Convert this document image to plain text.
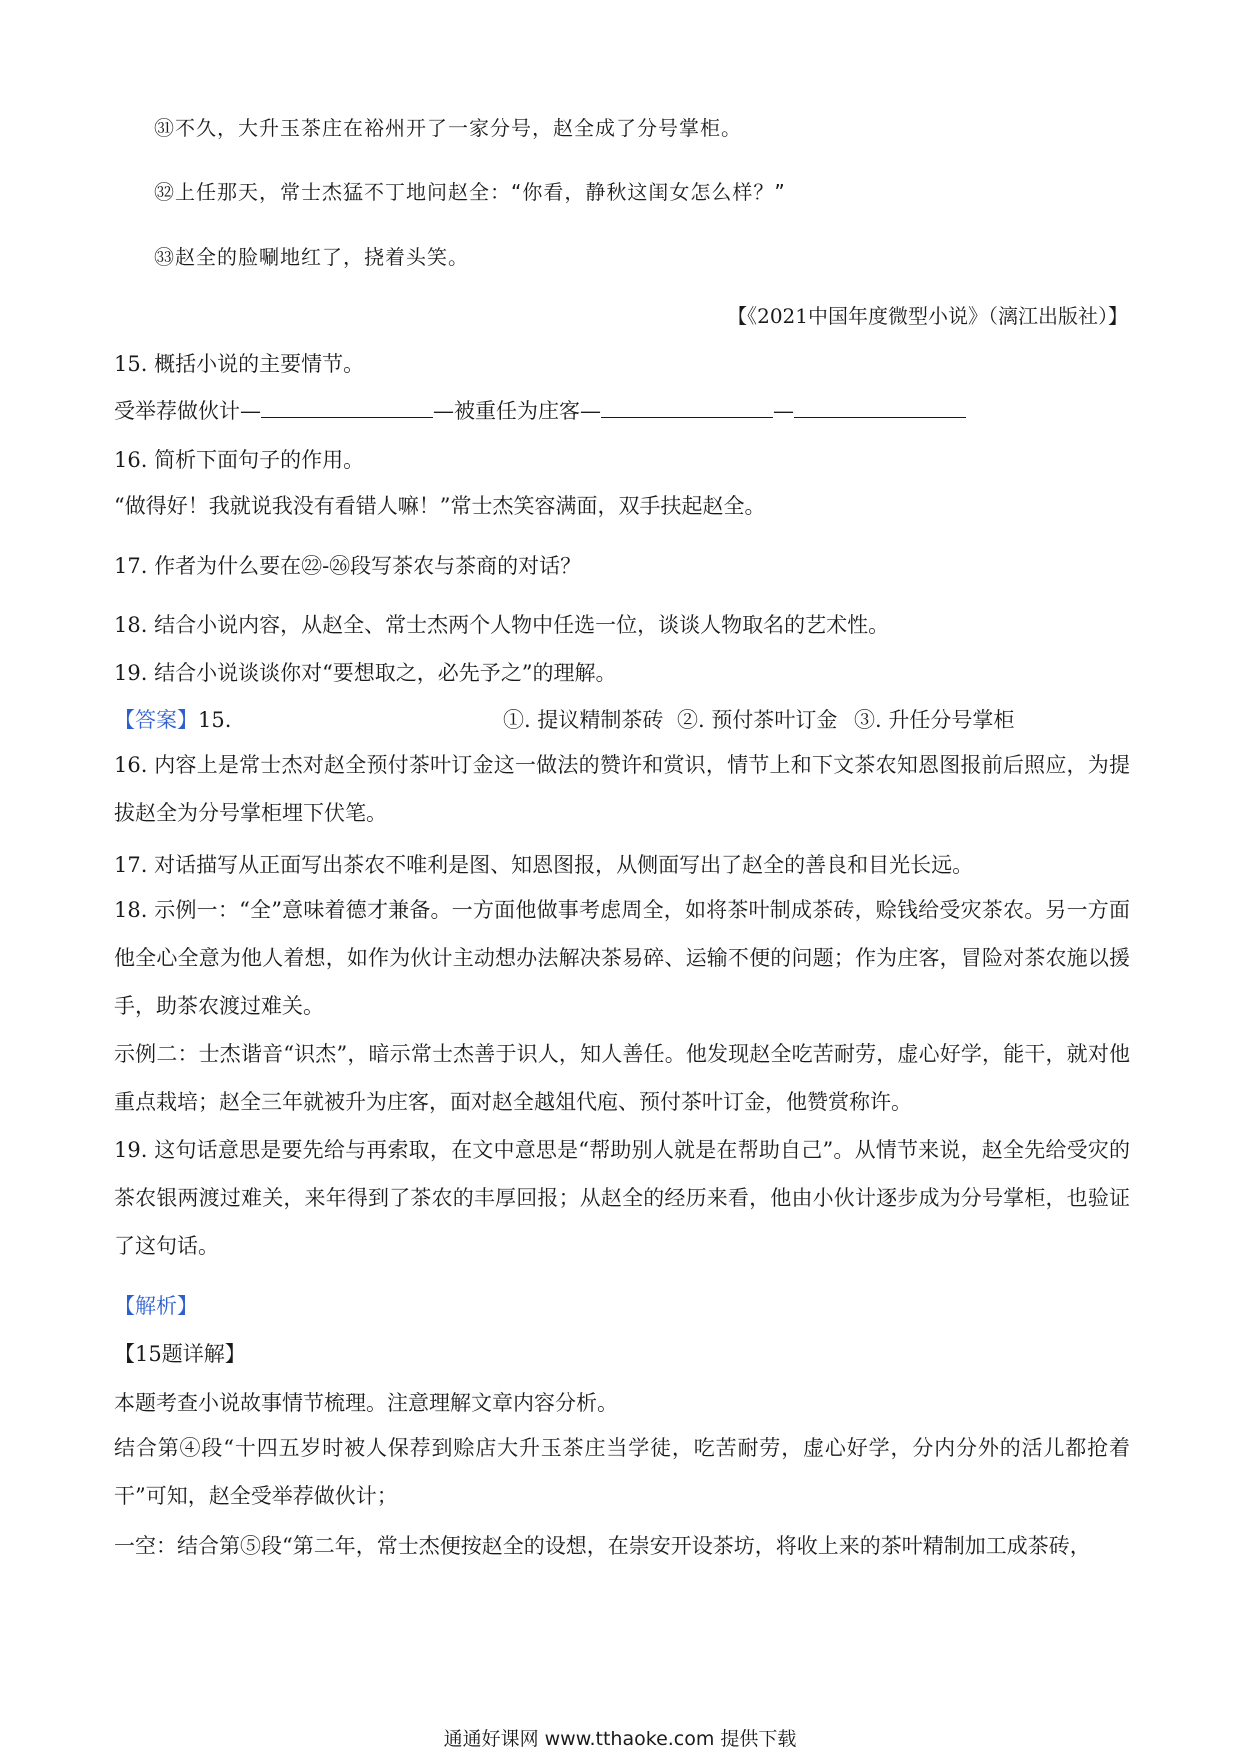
㉛不久，大升玉茶庄在裕州开了一家分号，赵全成了分号掌柜。
㉜上任那天，常士杰猛不丁地问赵全：“你看，静秋这闺女怎么样？”
㉝赵全的脸唰地红了，挠着头笑。
【《2021中国年度微型小说》（漓江出版社）】
15. 概括小说的主要情节。
受举荐做伙计—	—被重任为庄客—	—
16. 简析下面句子的作用。
“做得好！我就说我没有看错人嘛！”常士杰笑容满面，双手扶起赵全。
17. 作者为什么要在㉒-㉖段写茶农与茶商的对话？
18. 结合小说内容，从赵全、常士杰两个人物中任选一位，谈谈人物取名的艺术性。
19. 结合小说谈谈你对“要想取之，必先予之”的理解。
【答案】15.	①. 提议精制茶砖 ②. 预付茶叶订金 ③. 升任分号掌柜
16. 内容上是常士杰对赵全预付茶叶订金这一做法的赞许和赏识，情节上和下文茶农知恩图报前后照应，为提拔赵全为分号掌柜埋下伏笔。
17. 对话描写从正面写出茶农不唯利是图、知恩图报，从侧面写出了赵全的善良和目光长远。
18. 示例一：“全”意味着德才兼备。一方面他做事考虑周全，如将茶叶制成茶砖，赊钱给受灾茶农。另一方面他全心全意为他人着想，如作为伙计主动想办法解决茶易碎、运输不便的问题；作为庄客，冒险对茶农施以援手，助茶农渡过难关。
示例二：士杰谐音“识杰”，暗示常士杰善于识人，知人善任。他发现赵全吃苦耐劳，虚心好学，能干，就对他重点栽培；赵全三年就被升为庄客，面对赵全越俎代庖、预付茶叶订金，他赞赏称许。
19. 这句话意思是要先给与再索取，在文中意思是“帮助别人就是在帮助自己”。从情节来说，赵全先给受灾的茶农银两渡过难关，来年得到了茶农的丰厚回报；从赵全的经历来看，他由小伙计逐步成为分号掌柜，也验证了这句话。
【解析】
【15题详解】
本题考查小说故事情节梳理。注意理解文章内容分析。
结合第④段“十四五岁时被人保荐到赊店大升玉茶庄当学徒，吃苦耐劳，虚心好学，分内分外的活儿都抢着干”可知，赵全受举荐做伙计；
一空：结合第⑤段“第二年，常士杰便按赵全的设想，在崇安开设茶坊，将收上来的茶叶精制加工成茶砖，
通通好课网 www.tthaoke.com 提供下载
